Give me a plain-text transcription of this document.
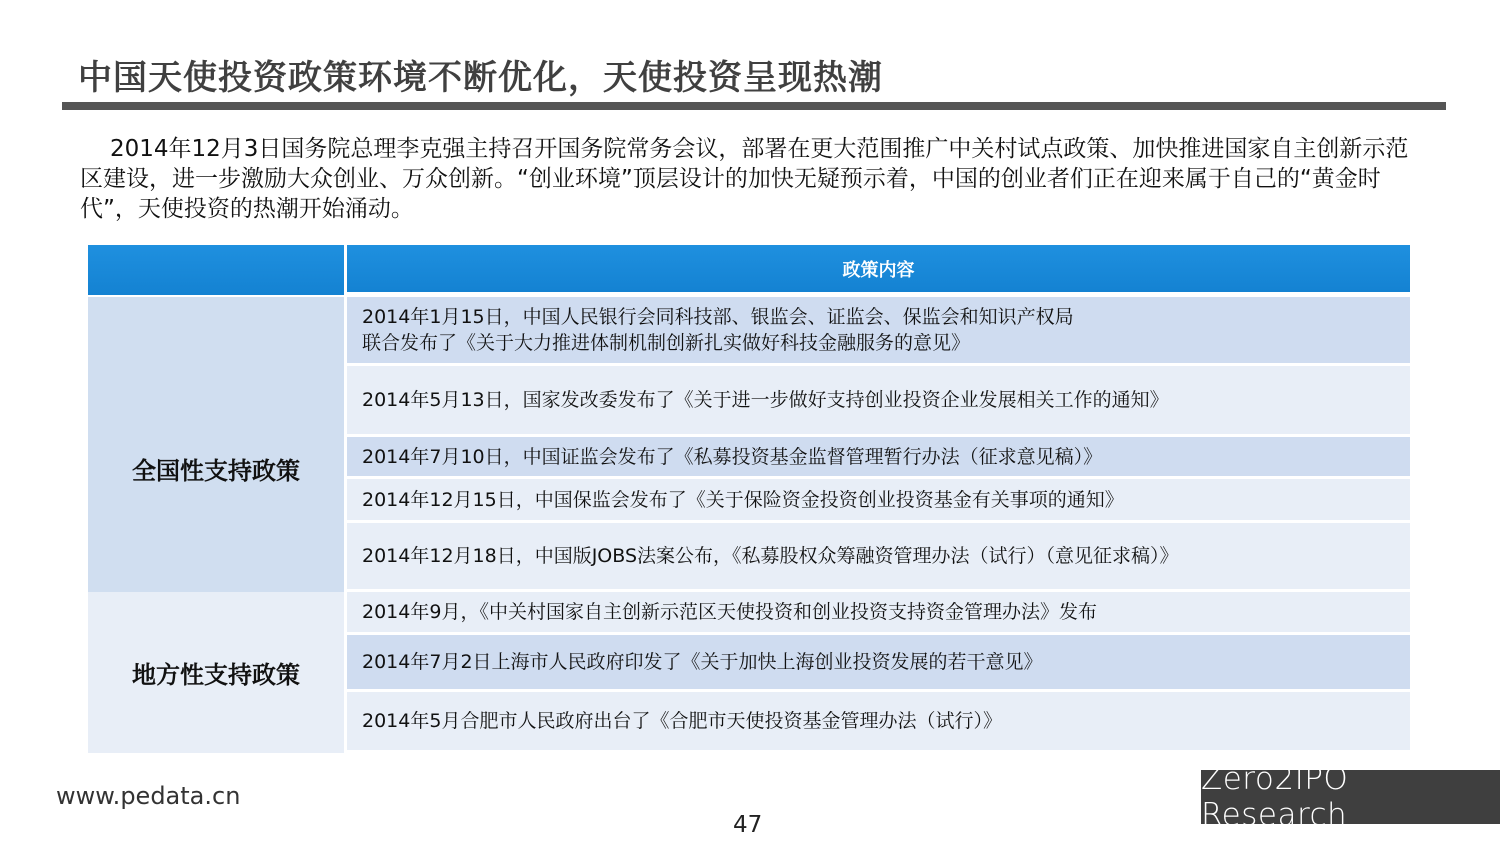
中国天使投资政策环境不断优化，天使投资呈现热潮

2014年12月3日国务院总理李克强主持召开国务院常务会议，部署在更大范围推广中关村试点政策、加快推进国家自主创新示范区建设，进一步激励大众创业、万众创新。“创业环境”顶层设计的加快无疑预示着，中国的创业者们正在迎来属于自己的“黄金时代”，天使投资的热潮开始涌动。

政策内容
全国性支持政策
2014年1月15日，中国人民银行会同科技部、银监会、证监会、保监会和知识产权局
联合发布了《关于大力推进体制机制创新扎实做好科技金融服务的意见》
2014年5月13日，国家发改委发布了《关于进一步做好支持创业投资企业发展相关工作的通知》
2014年7月10日，中国证监会发布了《私募投资基金监督管理暂行办法（征求意见稿）》
2014年12月15日，中国保监会发布了《关于保险资金投资创业投资基金有关事项的通知》
2014年12月18日，中国版JOBS法案公布，《私募股权众筹融资管理办法（试行）（意见征求稿）》
地方性支持政策
2014年9月，《中关村国家自主创新示范区天使投资和创业投资支持资金管理办法》发布
2014年7月2日上海市人民政府印发了《关于加快上海创业投资发展的若干意见》
2014年5月合肥市人民政府出台了《合肥市天使投资基金管理办法（试行）》
www.pedata.cn
47
Zero2IPO Research
